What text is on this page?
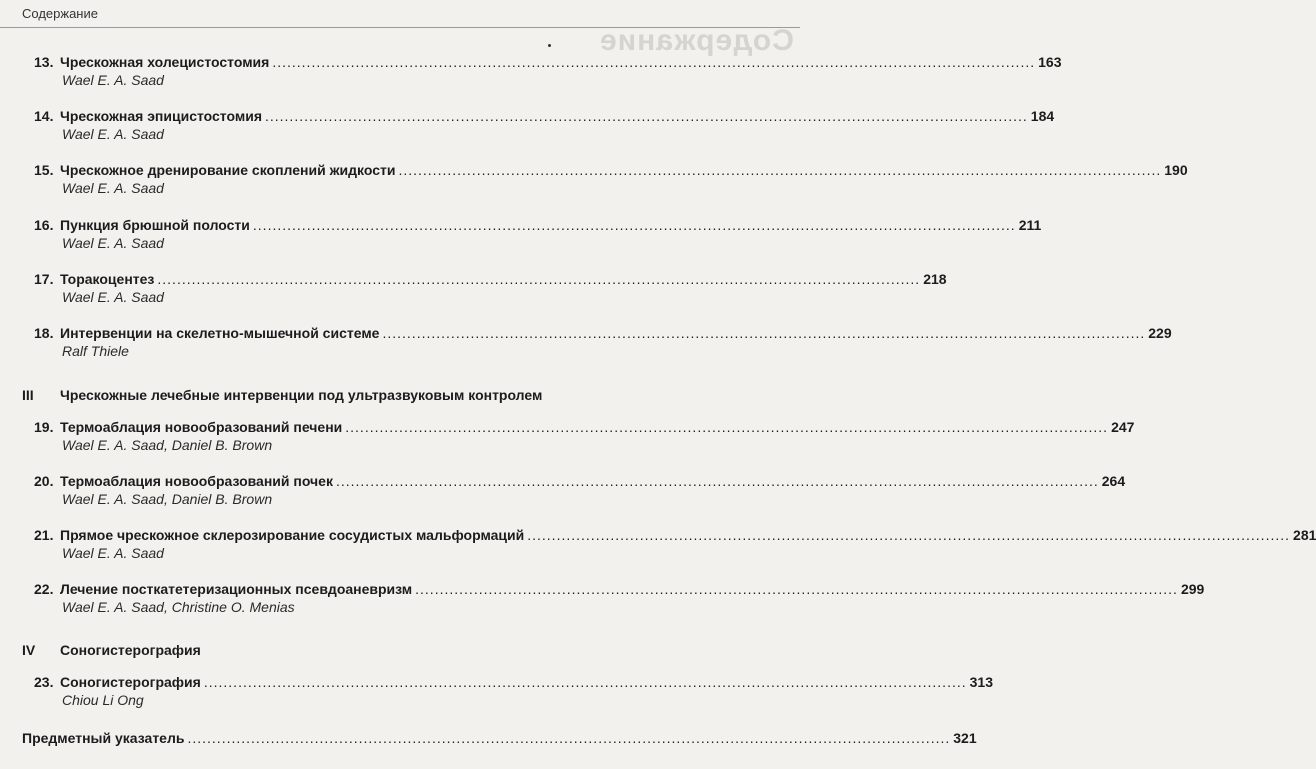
Содержание
Содержание
13. Чрескожная холецистостомия ............................................................................................................................................................ 163
Wael E. A. Saad
14. Чрескожная эпицистостомия ............................................................................................................................................................ 184
Wael E. A. Saad
15. Чрескожное дренирование скоплений жидкости ............................................................................................................................................................ 190
Wael E. A. Saad
16. Пункция брюшной полости ............................................................................................................................................................ 211
Wael E. A. Saad
17. Торакоцентез ............................................................................................................................................................ 218
Wael E. A. Saad
18. Интервенции на скелетно-мышечной системе ............................................................................................................................................................ 229
Ralf Thiele
III	Чрескожные лечебные интервенции под ультразвуковым контролем
19. Термоаблация новообразований печени ............................................................................................................................................................ 247
Wael E. A. Saad, Daniel B. Brown
20. Термоаблация новообразований почек ............................................................................................................................................................ 264
Wael E. A. Saad, Daniel B. Brown
21. Прямое чрескожное склерозирование сосудистых мальформаций ............................................................................................................................................................ 281
Wael E. A. Saad
22. Лечение посткатетеризационных псевдоаневризм ............................................................................................................................................................ 299
Wael E. A. Saad, Christine O. Menias
IV	Соногистерография
23. Соногистерография ............................................................................................................................................................ 313
Chiou Li Ong
Предметный указатель ............................................................................................................................................................ 321
